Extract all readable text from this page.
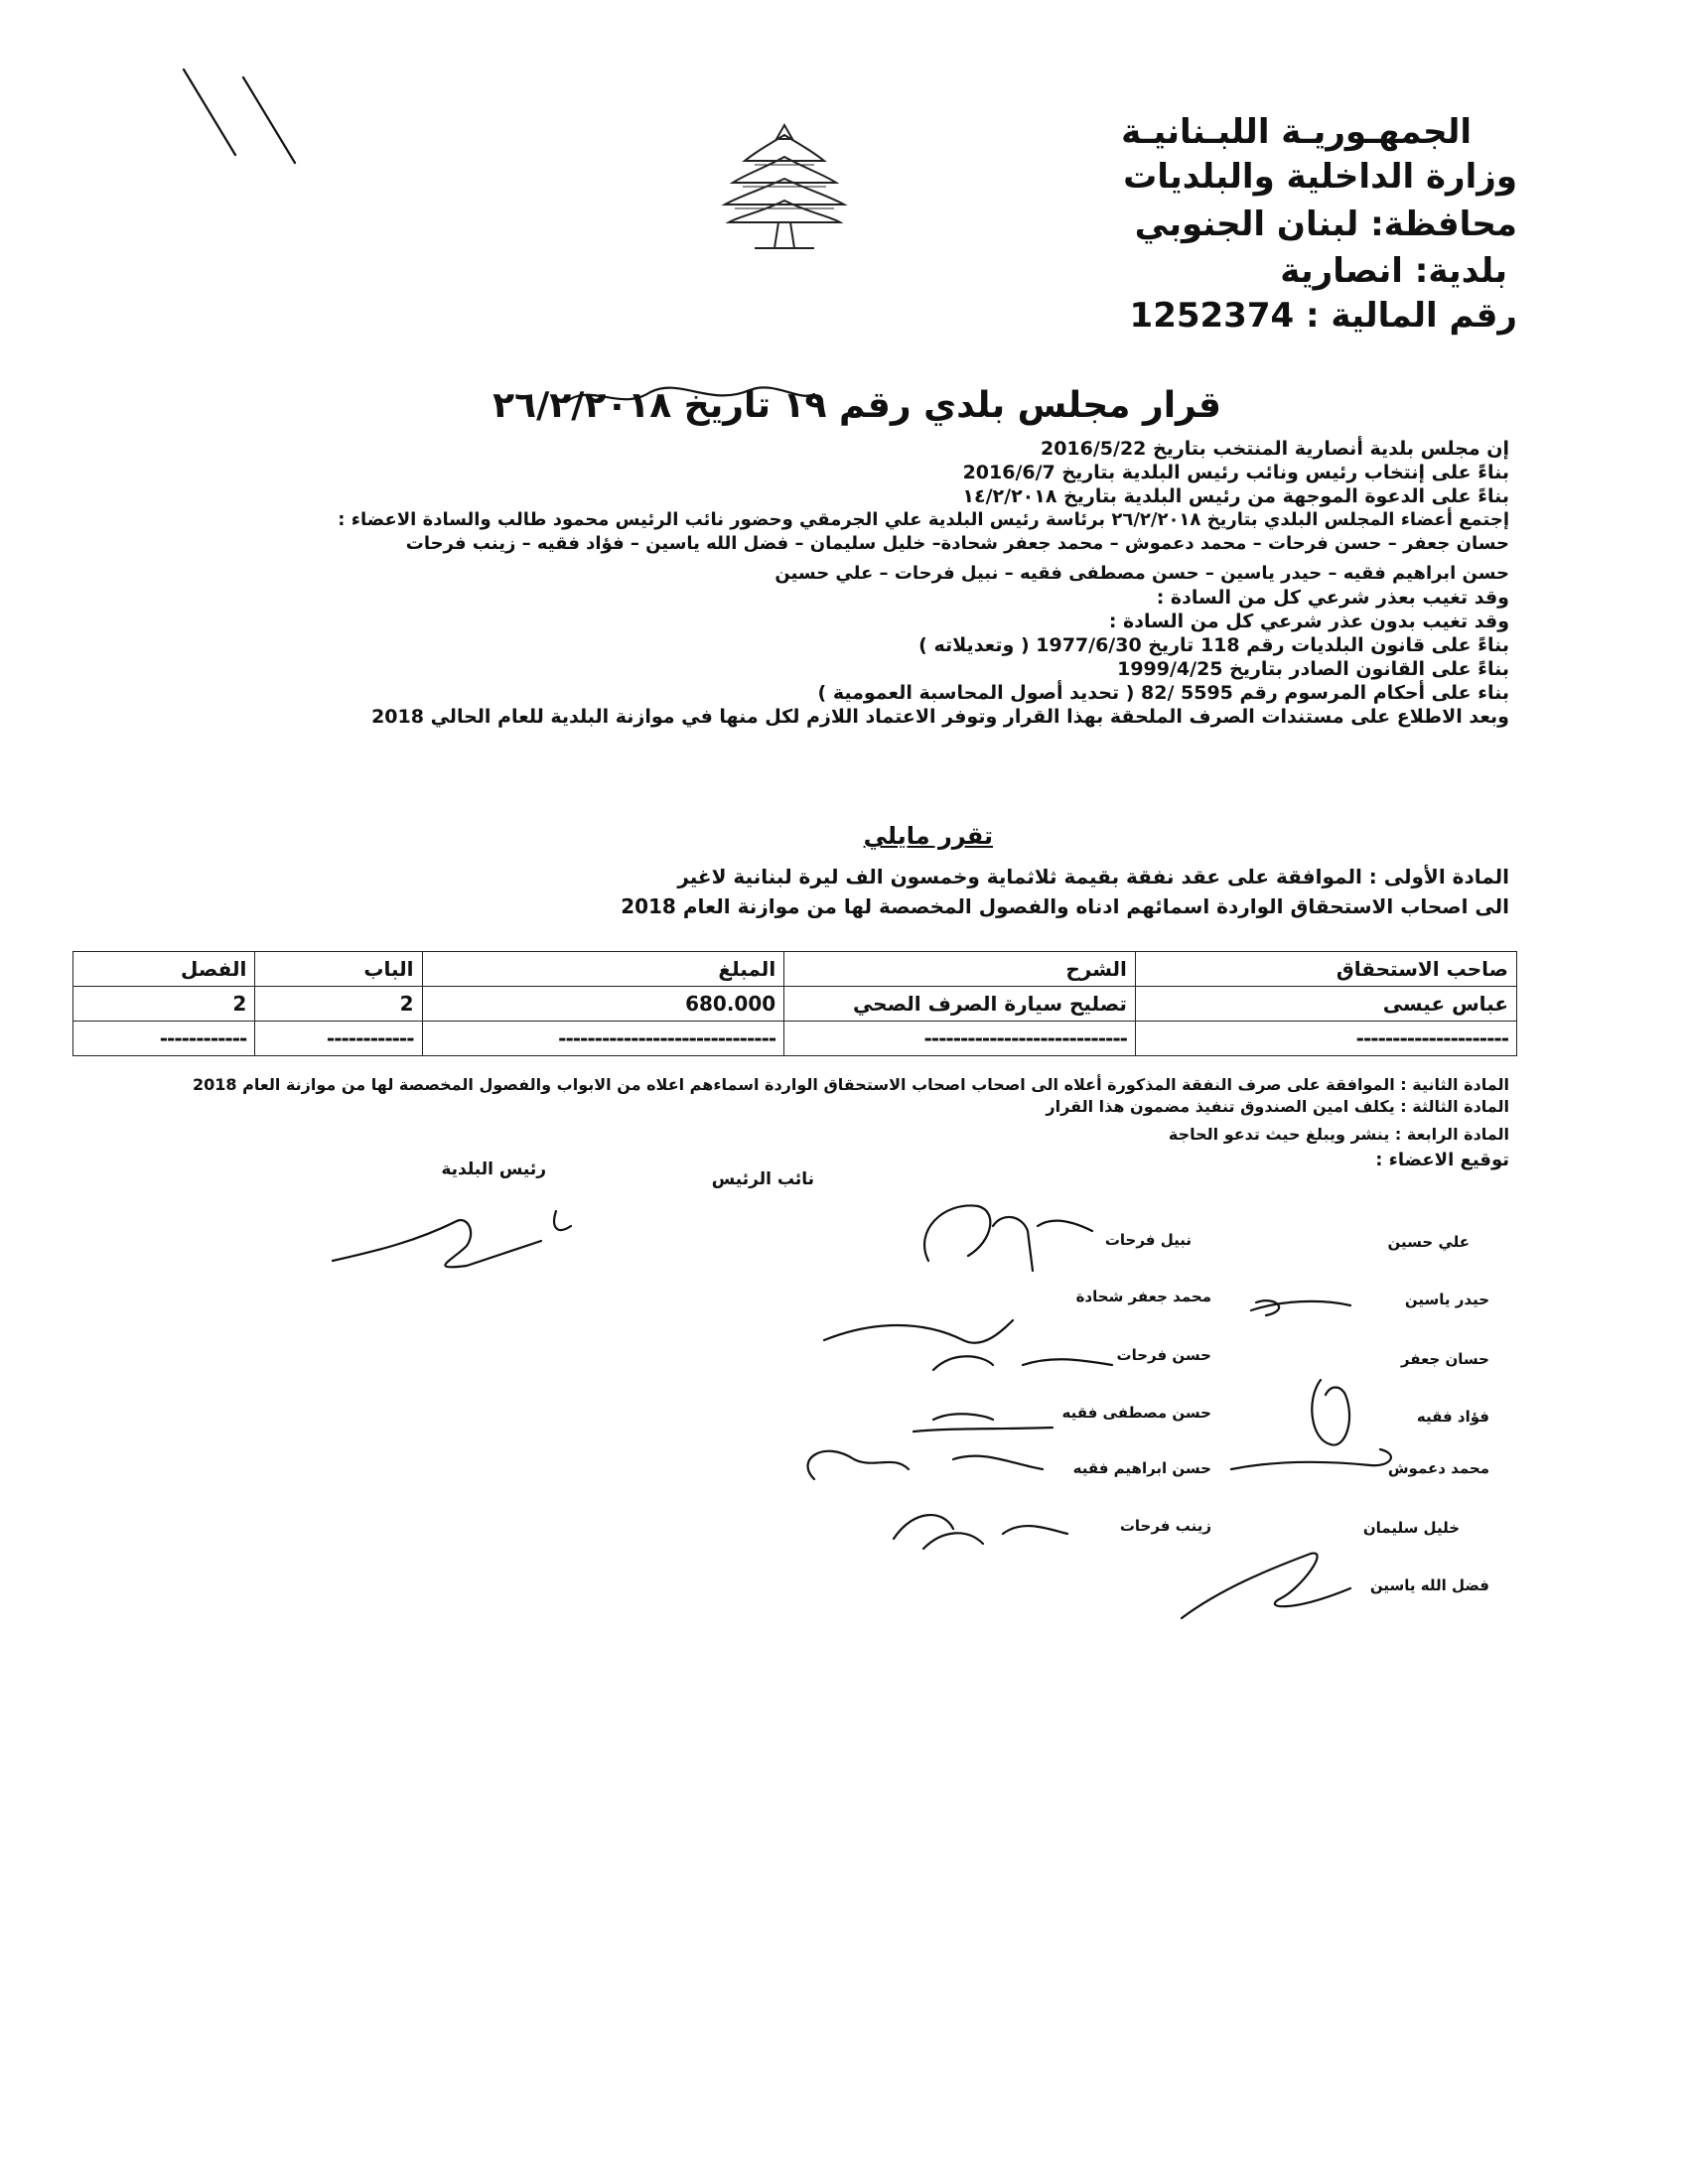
الجمهـوريـة اللبـنانيـة
وزارة الداخلية والبلديات
محافظة: لبنان الجنوبي
بلدية: انصارية
رقم المالية : 1252374
قرار مجلس بلدي رقم ١٩ تاريخ ٢٦/٢/٢٠١٨
إن مجلس بلدية أنصارية المنتخب بتاريخ 2016/5/22
بناءً على إنتخاب رئيس ونائب رئيس البلدية بتاريخ 2016/6/7
بناءً على الدعوة الموجهة من رئيس البلدية بتاريخ ١٤/٢/٢٠١٨
إجتمع أعضاء المجلس البلدي بتاريخ ٢٦/٢/٢٠١٨ برئاسة رئيس البلدية علي الجرمقي وحضور نائب الرئيس محمود طالب والسادة الاعضاء :
حسان جعفر – حسن فرحات – محمد دعموش – محمد جعفر شحادة– خليل سليمان – فضل الله ياسين – فؤاد فقيه – زينب فرحات
حسن ابراهيم فقيه – حيدر ياسين – حسن مصطفى فقيه – نبيل فرحات – علي حسين
وقد تغيب بعذر شرعي كل من السادة :
وقد تغيب بدون عذر شرعي كل من السادة :
بناءً على قانون البلديات رقم 118 تاريخ 1977/6/30 ( وتعديلاته )
بناءً على القانون الصادر بتاريخ 1999/4/25
بناء على أحكام المرسوم رقم 5595 /82 ( تحديد أصول المحاسبة العمومية )
وبعد الاطلاع على مستندات الصرف الملحقة بهذا القرار وتوفر الاعتماد اللازم لكل منها في موازنة البلدية للعام الحالي 2018
تقرر مايلي
المادة الأولى : الموافقة على عقد نفقة بقيمة ثلاثماية وخمسون الف ليرة لبنانية لاغير
الى اصحاب الاستحقاق الواردة اسمائهم ادناه والفصول المخصصة لها من موازنة العام 2018
صاحب الاستحقاق	الشرح	المبلغ	الباب	الفصل
عباس عيسى	تصليح سيارة الصرف الصحي	680.000	2	2
---------------------	----------------------------	------------------------------	------------	------------
المادة الثانية : الموافقة على صرف النفقة المذكورة أعلاه الى اصحاب اصحاب الاستحقاق الواردة اسماءهم اعلاه من الابواب والفصول المخصصة لها من موازنة العام 2018
المادة الثالثة : يكلف امين الصندوق تنفيذ مضمون هذا القرار
المادة الرابعة : ينشر ويبلغ حيث تدعو الحاجة
توقيع الاعضاء :
رئيس البلدية	نائب الرئيس
علي حسين
حيدر ياسين
حسان جعفر
فؤاد فقيه
محمد دعموش
خليل سليمان
فضل الله ياسين
نبيل فرحات
محمد جعفر شحادة
حسن فرحات
حسن مصطفى فقيه
حسن ابراهيم فقيه
زينب فرحات
